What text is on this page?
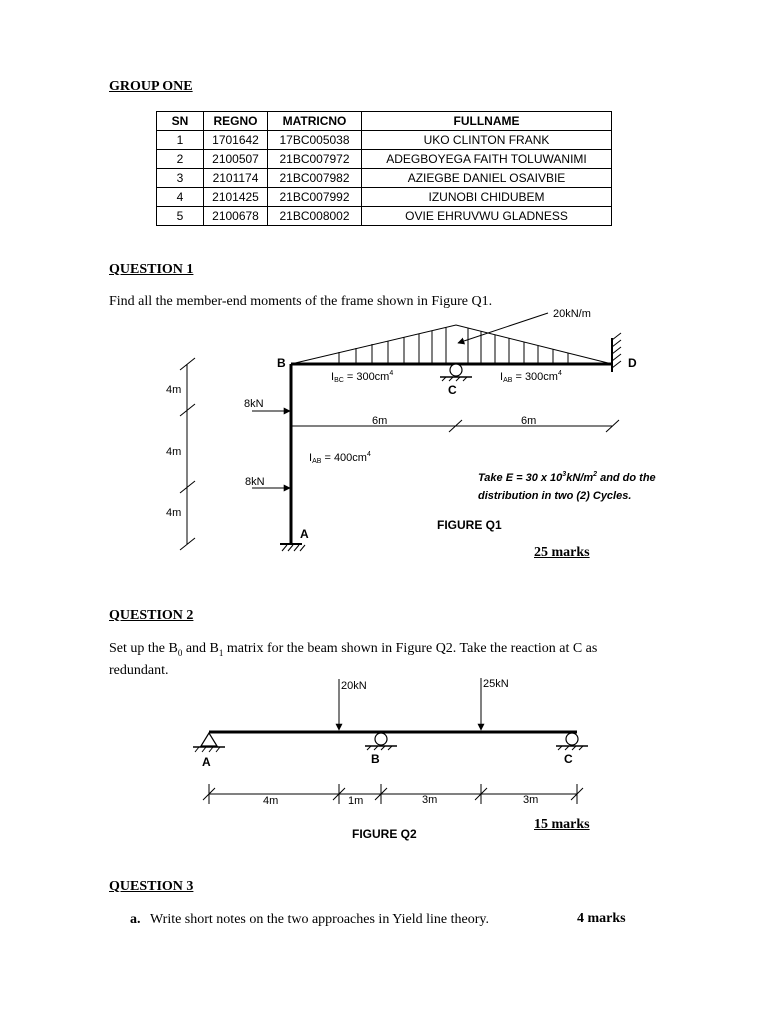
GROUP ONE
SN	REGNO	MATRICNO	FULLNAME
1	1701642	17BC005038	UKO CLINTON FRANK
2	2100507	21BC007972	ADEGBOYEGA FAITH TOLUWANIMI
3	2101174	21BC007982	AZIEGBE DANIEL OSAIVBIE
4	2101425	21BC007992	IZUNOBI CHIDUBEM
5	2100678	21BC008002	OVIE EHRUVWU GLADNESS
QUESTION 1
Find all the member-end moments of the frame shown in Figure Q1.
4m
4m
4m
20kN/m
D
C
B
IBC = $300cm^4$	IAB = $300cm^4$
6m	6m
IAB = $400cm^4$
8kN
8kN
A
Take E = 30 x $10^3kN/m^2$ and do the
distribution in two (2) Cycles.
FIGURE Q1
25 marks
QUESTION 2
Set up the $B_0$ and $B_1$ matrix for the beam shown in Figure Q2. Take the reaction at C as
redundant.
A	B	C
20kN	25kN
4m	1m	3m	3m
FIGURE Q2
15 marks
QUESTION 3
a. Write short notes on the two approaches in Yield line theory.	4 marks
